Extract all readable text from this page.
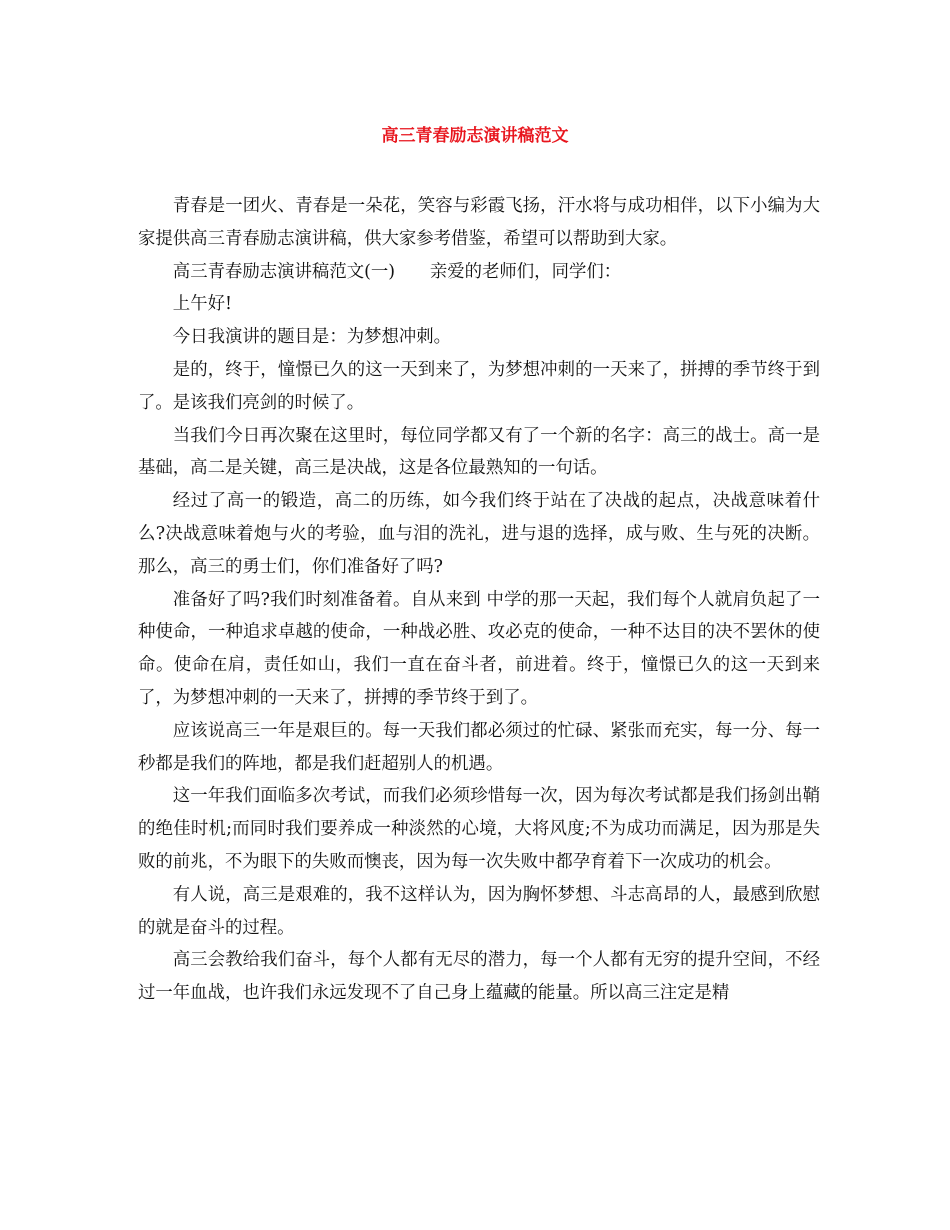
高三青春励志演讲稿范文

青春是一团火、青春是一朵花，笑容与彩霞飞扬，汗水将与成功相伴，以下小编为大家提供高三青春励志演讲稿，供大家参考借鉴，希望可以帮助到大家。

高三青春励志演讲稿范文(一)　　亲爱的老师们，同学们：

上午好!

今日我演讲的题目是：为梦想冲刺。

是的，终于，憧憬已久的这一天到来了，为梦想冲刺的一天来了，拼搏的季节终于到了。是该我们亮剑的时候了。

当我们今日再次聚在这里时，每位同学都又有了一个新的名字：高三的战士。高一是基础，高二是关键，高三是决战，这是各位最熟知的一句话。

经过了高一的锻造，高二的历练，如今我们终于站在了决战的起点，决战意味着什么?决战意味着炮与火的考验，血与泪的洗礼，进与退的选择，成与败、生与死的决断。那么，高三的勇士们，你们准备好了吗?

准备好了吗?我们时刻准备着。自从来到 中学的那一天起，我们每个人就肩负起了一种使命，一种追求卓越的使命，一种战必胜、攻必克的使命，一种不达目的决不罢休的使命。使命在肩，责任如山，我们一直在奋斗者，前进着。终于，憧憬已久的这一天到来了，为梦想冲刺的一天来了，拼搏的季节终于到了。

应该说高三一年是艰巨的。每一天我们都必须过的忙碌、紧张而充实，每一分、每一秒都是我们的阵地，都是我们赶超别人的机遇。

这一年我们面临多次考试，而我们必须珍惜每一次，因为每次考试都是我们扬剑出鞘的绝佳时机;而同时我们要养成一种淡然的心境，大将风度;不为成功而满足，因为那是失败的前兆，不为眼下的失败而懊丧，因为每一次失败中都孕育着下一次成功的机会。

有人说，高三是艰难的，我不这样认为，因为胸怀梦想、斗志高昂的人，最感到欣慰的就是奋斗的过程。

高三会教给我们奋斗，每个人都有无尽的潜力，每一个人都有无穷的提升空间，不经过一年血战，也许我们永远发现不了自己身上蕴藏的能量。所以高三注定是精
